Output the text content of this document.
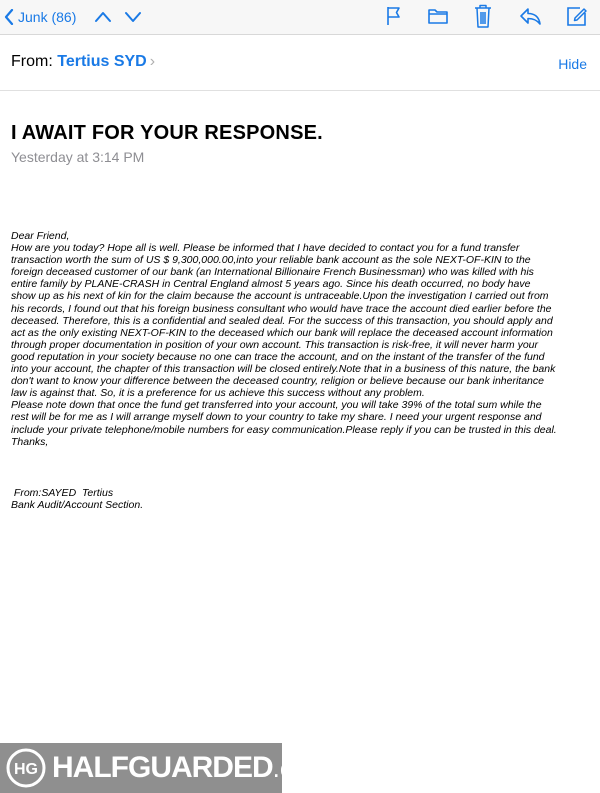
Junk (86)
From: Tertius SYD ›	Hide
I AWAIT FOR YOUR RESPONSE.
Yesterday at 3:14 PM
Dear Friend,
How are you today? Hope all is well. Please be informed that I have decided to contact you for a fund transfer
transaction worth the sum of US $ 9,300,000.00,into your reliable bank account as the sole NEXT-OF-KIN to the
foreign deceased customer of our bank (an International Billionaire French Businessman) who was killed with his
entire family by PLANE-CRASH in Central England almost 5 years ago. Since his death occurred, no body have
show up as his next of kin for the claim because the account is untraceable.Upon the investigation I carried out from
his records, I found out that his foreign business consultant who would have trace the account died earlier before the
deceased. Therefore, this is a confidential and sealed deal. For the success of this transaction, you should apply and
act as the only existing NEXT-OF-KIN to the deceased which our bank will replace the deceased account information
through proper documentation in position of your own account. This transaction is risk-free, it will never harm your
good reputation in your society because no one can trace the account, and on the instant of the transfer of the fund
into your account, the chapter of this transaction will be closed entirely.Note that in a business of this nature, the bank
don't want to know your difference between the deceased country, religion or believe because our bank inheritance
law is against that. So, it is a preference for us achieve this success without any problem.
Please note down that once the fund get transferred into your account, you will take 39% of the total sum while the
rest will be for me as I will arrange myself down to your country to take my share. I need your urgent response and
include your private telephone/mobile numbers for easy communication.Please reply if you can be trusted in this deal.
Thanks,
From:SAYED  Tertius
Bank Audit/Account Section.
HG HALFGUARDED.com
